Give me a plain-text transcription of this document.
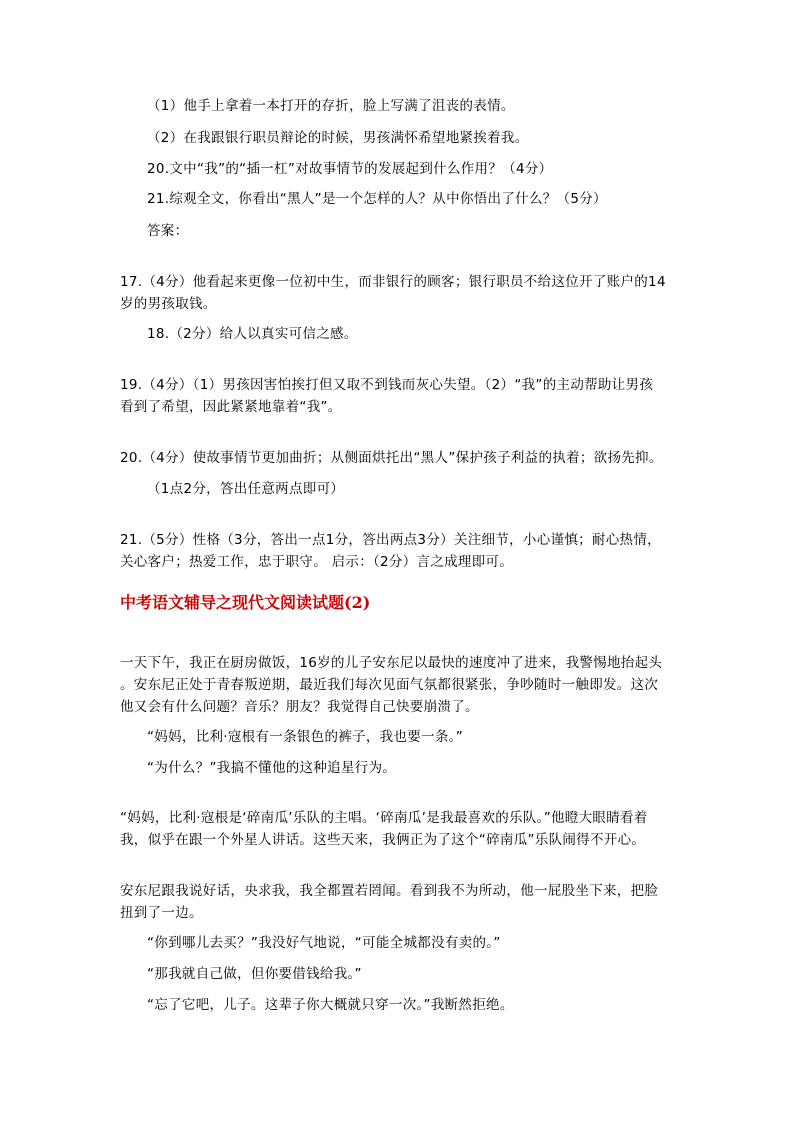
（1）他手上拿着一本打开的存折，脸上写满了沮丧的表情。
（2）在我跟银行职员辩论的时候，男孩满怀希望地紧挨着我。
20.文中“我”的“插一杠”对故事情节的发展起到什么作用？（4分）
21.综观全文，你看出“黑人”是一个怎样的人？从中你悟出了什么？（5分）
答案：
17.（4分）他看起来更像一位初中生，而非银行的顾客；银行职员不给这位开了账户的14
岁的男孩取钱。
18.（2分）给人以真实可信之感。
19.（4分）（1）男孩因害怕挨打但又取不到钱而灰心失望。（2）“我”的主动帮助让男孩
看到了希望，因此紧紧地靠着“我”。
20.（4分）使故事情节更加曲折；从侧面烘托出“黑人”保护孩子利益的执着；欲扬先抑。
（1点2分，答出任意两点即可）
21.（5分）性格（3分，答出一点1分，答出两点3分）关注细节，小心谨慎；耐心热情，
关心客户；热爱工作，忠于职守。 启示：（2分）言之成理即可。
中考语文辅导之现代文阅读试题(2)
一天下午，我正在厨房做饭，16岁的儿子安东尼以最快的速度冲了进来，我警惕地抬起头
。安东尼正处于青春叛逆期，最近我们每次见面气氛都很紧张，争吵随时一触即发。这次
他又会有什么问题？音乐？朋友？我觉得自己快要崩溃了。
“妈妈，比利·寇根有一条银色的裤子，我也要一条。”
“为什么？”我搞不懂他的这种追星行为。
“妈妈，比利·寇根是‘碎南瓜’乐队的主唱。‘碎南瓜’是我最喜欢的乐队。”他瞪大眼睛看着
我，似乎在跟一个外星人讲话。这些天来，我俩正为了这个“碎南瓜”乐队闹得不开心。
安东尼跟我说好话，央求我，我全都置若罔闻。看到我不为所动，他一屁股坐下来，把脸
扭到了一边。
“你到哪儿去买？”我没好气地说，“可能全城都没有卖的。”
“那我就自己做，但你要借钱给我。”
“忘了它吧，儿子。这辈子你大概就只穿一次。”我断然拒绝。
